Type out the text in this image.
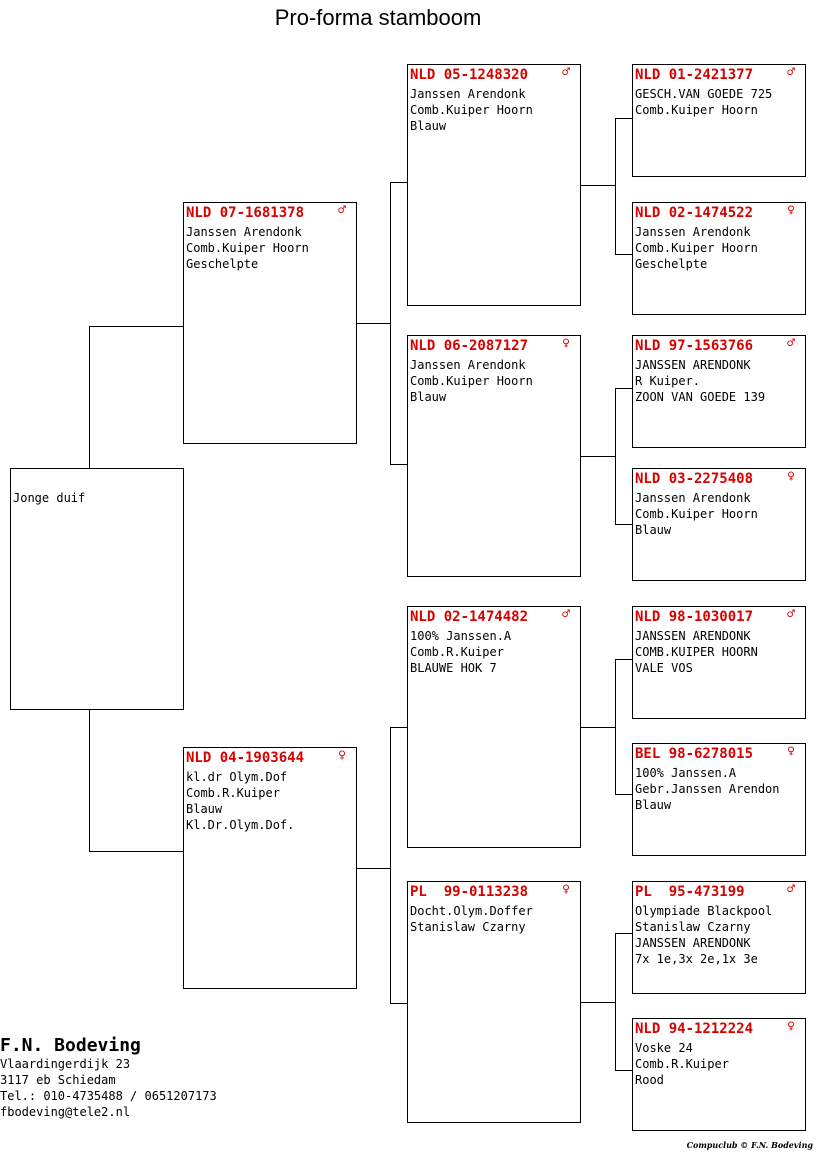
Pro-forma stamboom
Jonge duif
NLD 07-1681378	♂
Janssen Arendonk
Comb.Kuiper Hoorn
Geschelpte
NLD 04-1903644	♀
kl.dr Olym.Dof
Comb.R.Kuiper
Blauw
Kl.Dr.Olym.Dof.
NLD 05-1248320	♂
Janssen Arendonk
Comb.Kuiper Hoorn
Blauw
NLD 06-2087127	♀
Janssen Arendonk
Comb.Kuiper Hoorn
Blauw
NLD 02-1474482	♂
100% Janssen.A
Comb.R.Kuiper
BLAUWE HOK 7
PL  99-0113238	♀
Docht.Olym.Doffer
Stanislaw Czarny
NLD 01-2421377	♂
GESCH.VAN GOEDE 725
Comb.Kuiper Hoorn
NLD 02-1474522	♀
Janssen Arendonk
Comb.Kuiper Hoorn
Geschelpte
NLD 97-1563766	♂
JANSSEN ARENDONK
R Kuiper.
ZOON VAN GOEDE 139
NLD 03-2275408	♀
Janssen Arendonk
Comb.Kuiper Hoorn
Blauw
NLD 98-1030017	♂
JANSSEN ARENDONK
COMB.KUIPER HOORN
VALE VOS
BEL 98-6278015	♀
100% Janssen.A
Gebr.Janssen Arendon
Blauw
PL  95-473199	♂
Olympiade Blackpool
Stanislaw Czarny
JANSSEN ARENDONK
7x 1e,3x 2e,1x 3e
NLD 94-1212224	♀
Voske 24
Comb.R.Kuiper
Rood
F.N. Bodeving
Vlaardingerdijk 23
3117 eb Schiedam
Tel.: 010-4735488 / 0651207173
fbodeving@tele2.nl
Compuclub © F.N. Bodeving
